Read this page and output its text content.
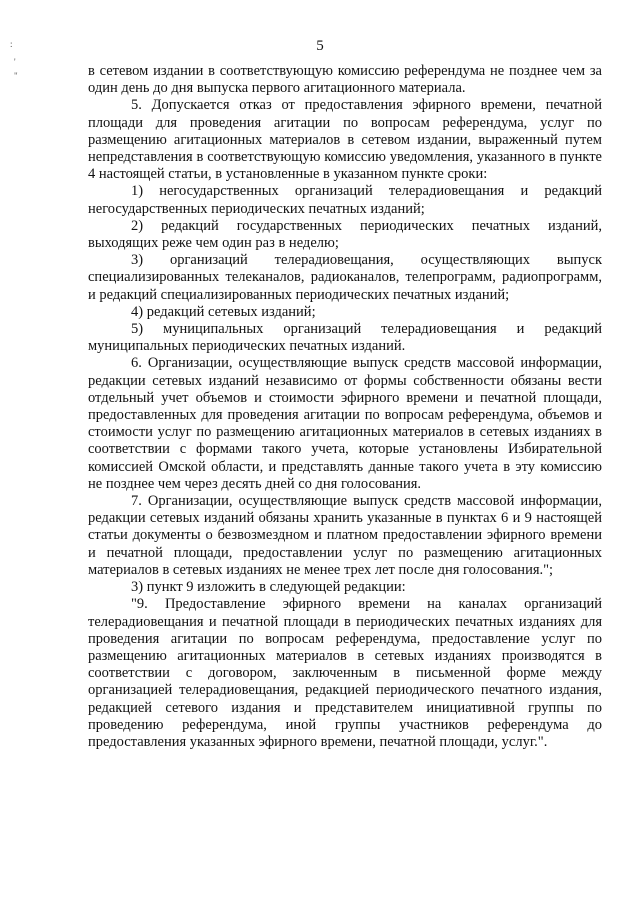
:
'
"
5

в сетевом издании в соответствующую комиссию референдума не позднее чем за один день до дня выпуска первого агитационного материала.

5. Допускается отказ от предоставления эфирного времени, печатной площади для проведения агитации по вопросам референдума, услуг по размещению агитационных материалов в сетевом издании, выраженный путем непредставления в соответствующую комиссию уведомления, указанного в пункте 4 настоящей статьи, в установленные в указанном пункте сроки:

1) негосударственных организаций телерадиовещания и редакций негосударственных периодических печатных изданий;

2) редакций государственных периодических печатных изданий, выходящих реже чем один раз в неделю;

3) организаций телерадиовещания, осуществляющих выпуск специализированных телеканалов, радиоканалов, телепрограмм, радиопрограмм, и редакций специализированных периодических печатных изданий;

4) редакций сетевых изданий;

5) муниципальных организаций телерадиовещания и редакций муниципальных периодических печатных изданий.

6. Организации, осуществляющие выпуск средств массовой информации, редакции сетевых изданий независимо от формы собственности обязаны вести отдельный учет объемов и стоимости эфирного времени и печатной площади, предоставленных для проведения агитации по вопросам референдума, объемов и стоимости услуг по размещению агитационных материалов в сетевых изданиях в соответствии с формами такого учета, которые установлены Избирательной комиссией Омской области, и представлять данные такого учета в эту комиссию не позднее чем через десять дней со дня голосования.

7. Организации, осуществляющие выпуск средств массовой информации, редакции сетевых изданий обязаны хранить указанные в пунктах 6 и 9 настоящей статьи документы о безвозмездном и платном предоставлении эфирного времени и печатной площади, предоставлении услуг по размещению агитационных материалов в сетевых изданиях не менее трех лет после дня голосования.";

3) пункт 9 изложить в следующей редакции:

"9. Предоставление эфирного времени на каналах организаций телерадиовещания и печатной площади в периодических печатных изданиях для проведения агитации по вопросам референдума, предоставление услуг по размещению агитационных материалов в сетевых изданиях производятся в соответствии с договором, заключенным в письменной форме между организацией телерадиовещания, редакцией периодического печатного издания, редакцией сетевого издания и представителем инициативной группы по проведению референдума, иной группы участников референдума до предоставления указанных эфирного времени, печатной площади, услуг.".
